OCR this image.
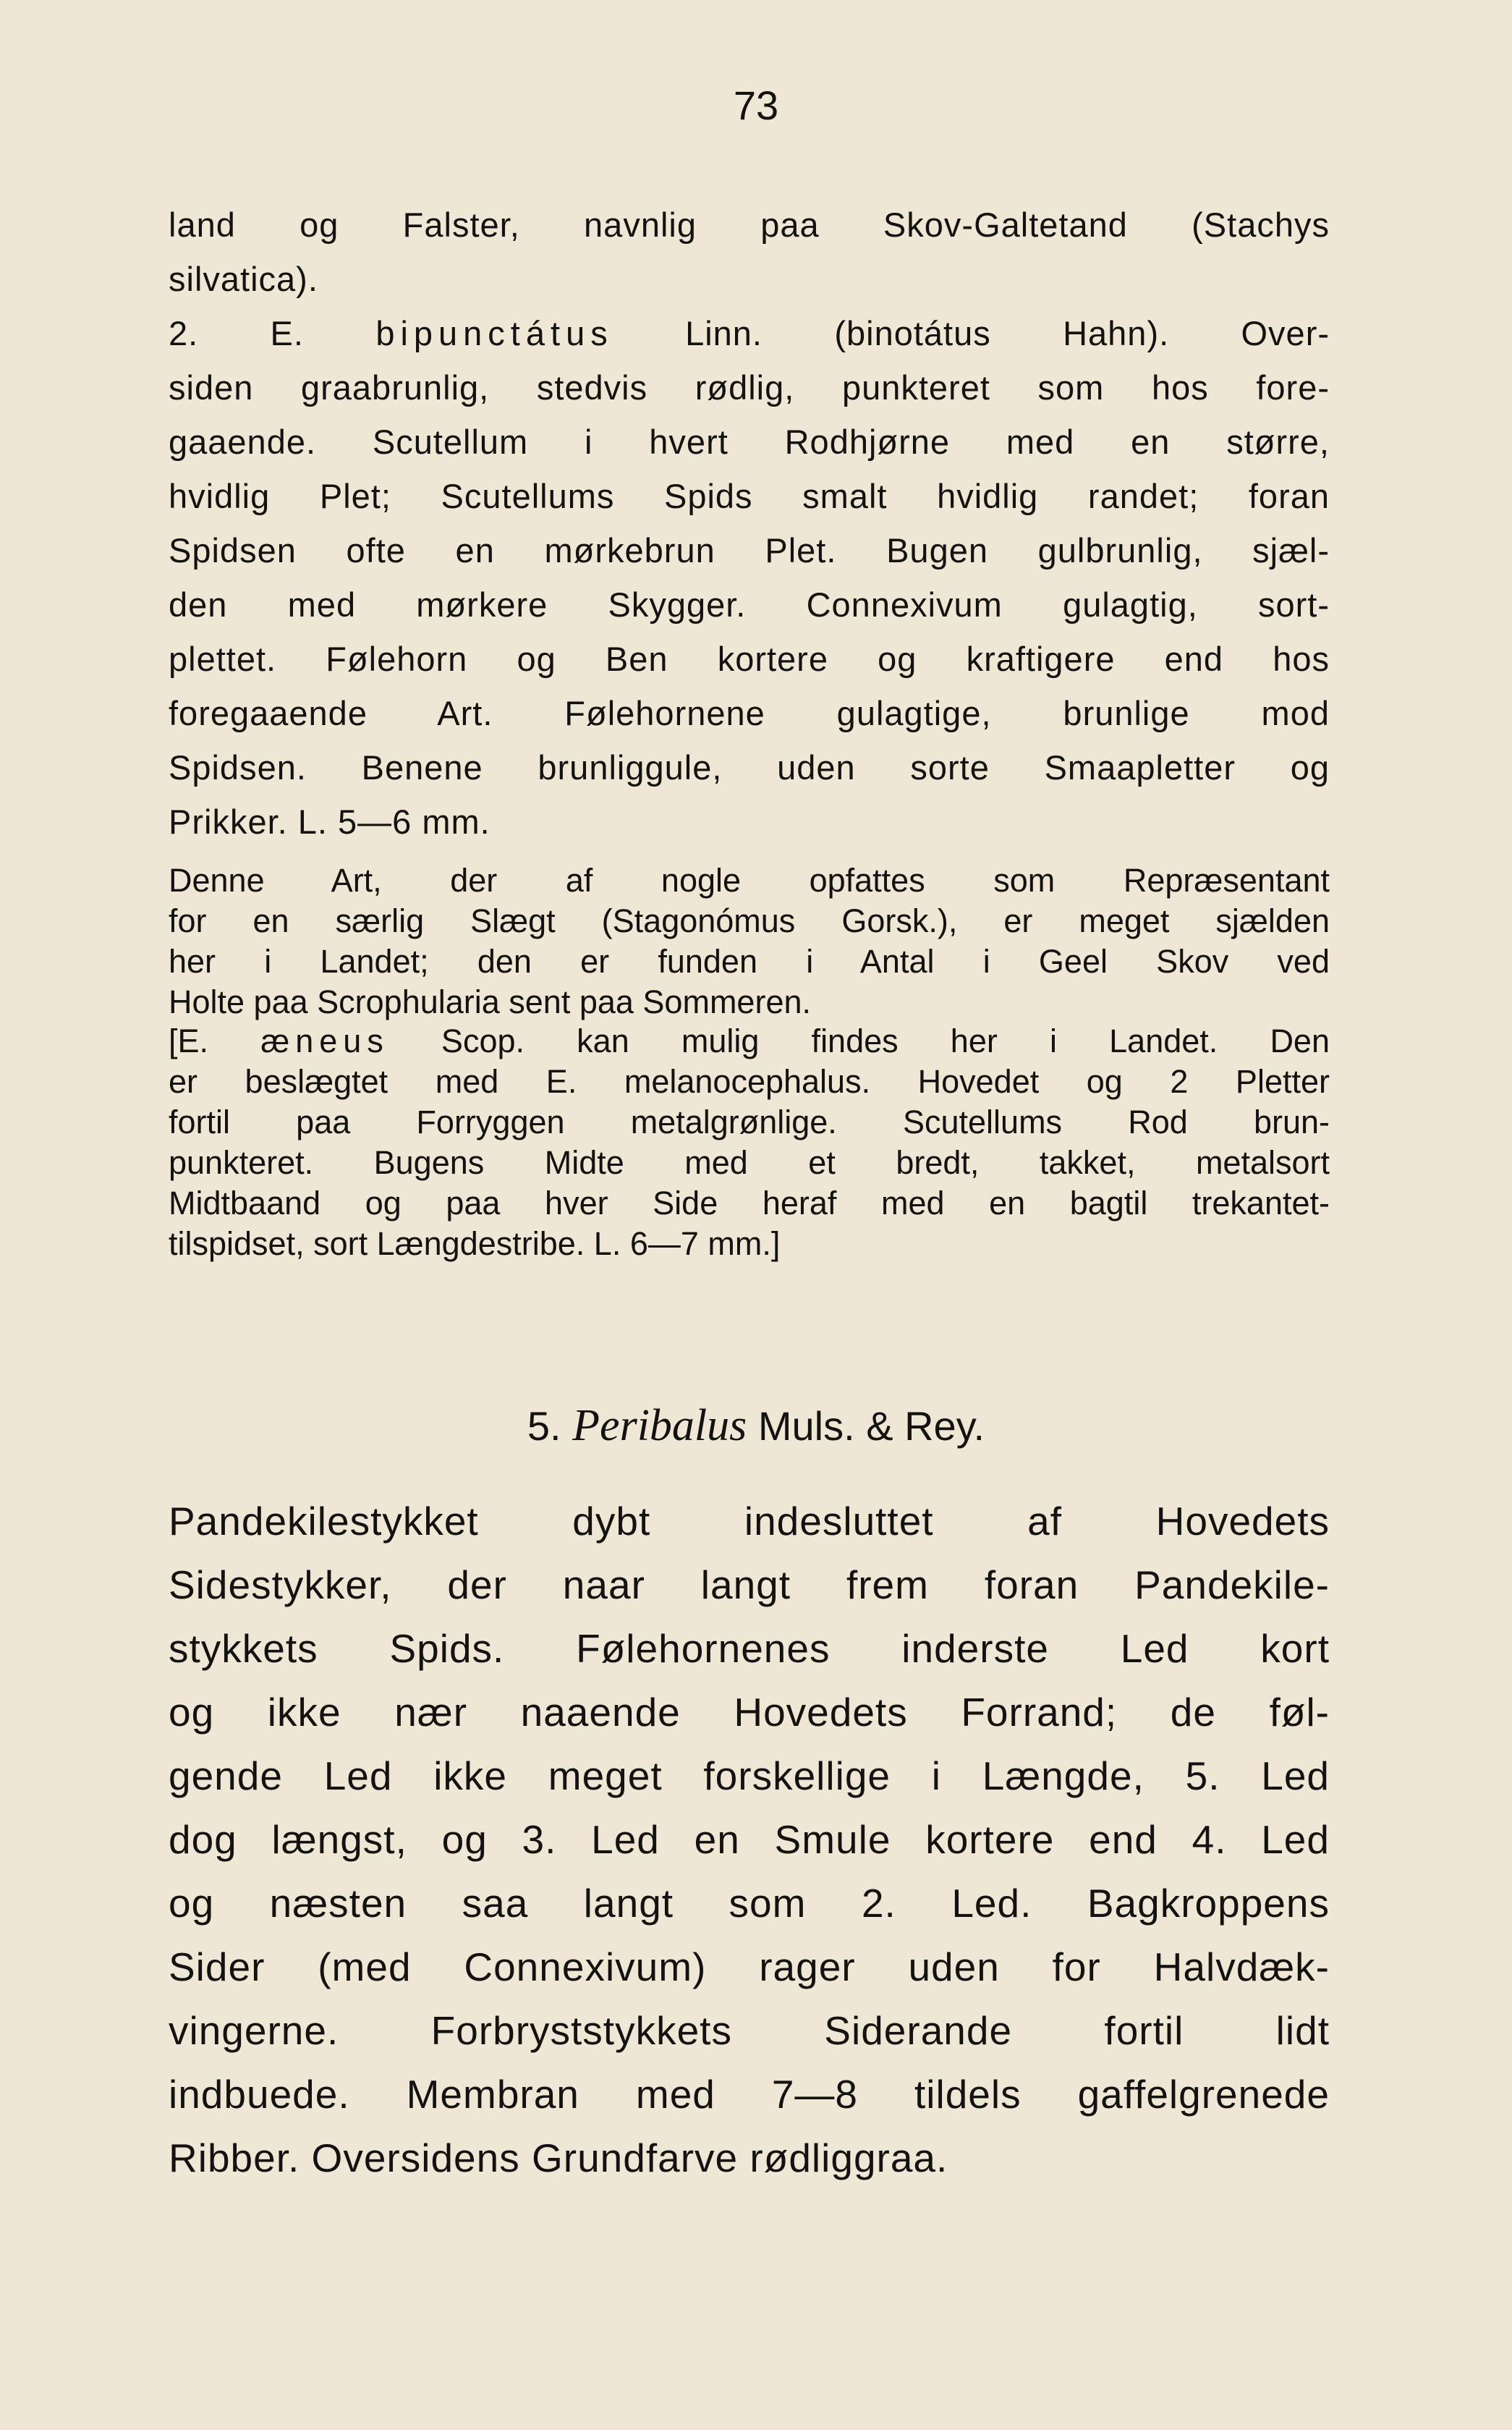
73
land og Falster, navnlig paa Skov-Galtetand (Stachys
silvatica).
2. E. bipunctátus Linn. (binotátus Hahn). Over-
siden graabrunlig, stedvis rødlig, punkteret som hos fore-
gaaende. Scutellum i hvert Rodhjørne med en større,
hvidlig Plet; Scutellums Spids smalt hvidlig randet; foran
Spidsen ofte en mørkebrun Plet. Bugen gulbrunlig, sjæl-
den med mørkere Skygger. Connexivum gulagtig, sort-
plettet. Følehorn og Ben kortere og kraftigere end hos
foregaaende Art. Følehornene gulagtige, brunlige mod
Spidsen. Benene brunliggule, uden sorte Smaapletter og
Prikker. L. 5—6 mm.
Denne Art, der af nogle opfattes som Repræsentant
for en særlig Slægt (Stagonómus Gorsk.), er meget sjælden
her i Landet; den er funden i Antal i Geel Skov ved
Holte paa Scrophularia sent paa Sommeren.
[E. æneus Scop. kan mulig findes her i Landet. Den
er beslægtet med E. melanocephalus. Hovedet og 2 Pletter
fortil paa Forryggen metalgrønlige. Scutellums Rod brun-
punkteret. Bugens Midte med et bredt, takket, metalsort
Midtbaand og paa hver Side heraf med en bagtil trekantet-
tilspidset, sort Længdestribe. L. 6—7 mm.]
5. Peribalus Muls. & Rey.
Pandekilestykket dybt indesluttet af Hovedets
Sidestykker, der naar langt frem foran Pandekile-
stykkets Spids. Følehornenes inderste Led kort
og ikke nær naaende Hovedets Forrand; de føl-
gende Led ikke meget forskellige i Længde, 5. Led
dog længst, og 3. Led en Smule kortere end 4. Led
og næsten saa langt som 2. Led. Bagkroppens
Sider (med Connexivum) rager uden for Halvdæk-
vingerne. Forbryststykkets Siderande fortil lidt
indbuede. Membran med 7—8 tildels gaffelgrenede
Ribber. Oversidens Grundfarve rødliggraa.
